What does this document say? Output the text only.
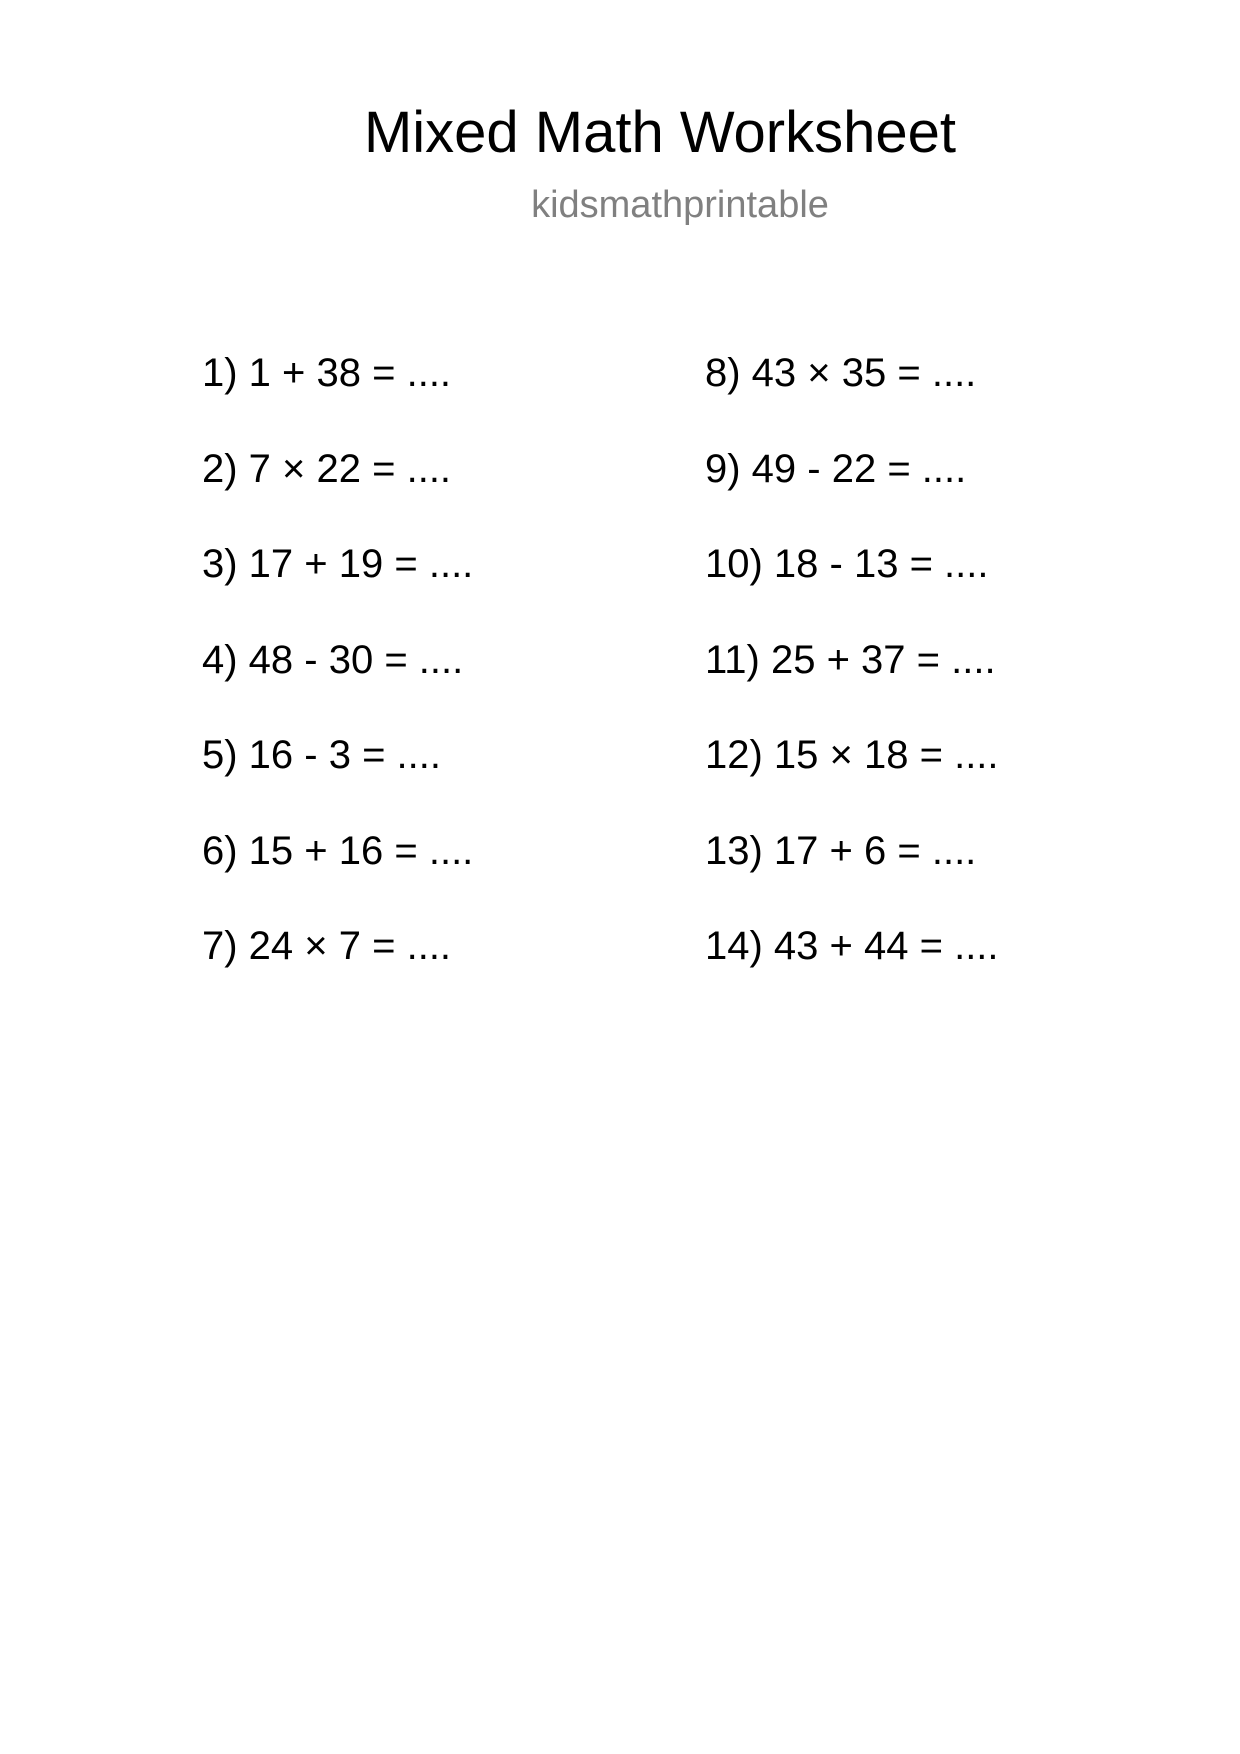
Mixed Math Worksheet
kidsmathprintable
1) 1 + 38 = ....
2) 7 × 22 = ....
3) 17 + 19 = ....
4) 48 - 30 = ....
5) 16 - 3 = ....
6) 15 + 16 = ....
7) 24 × 7 = ....
8) 43 × 35 = ....
9) 49 - 22 = ....
10) 18 - 13 = ....
11) 25 + 37 = ....
12) 15 × 18 = ....
13) 17 + 6 = ....
14) 43 + 44 = ....
